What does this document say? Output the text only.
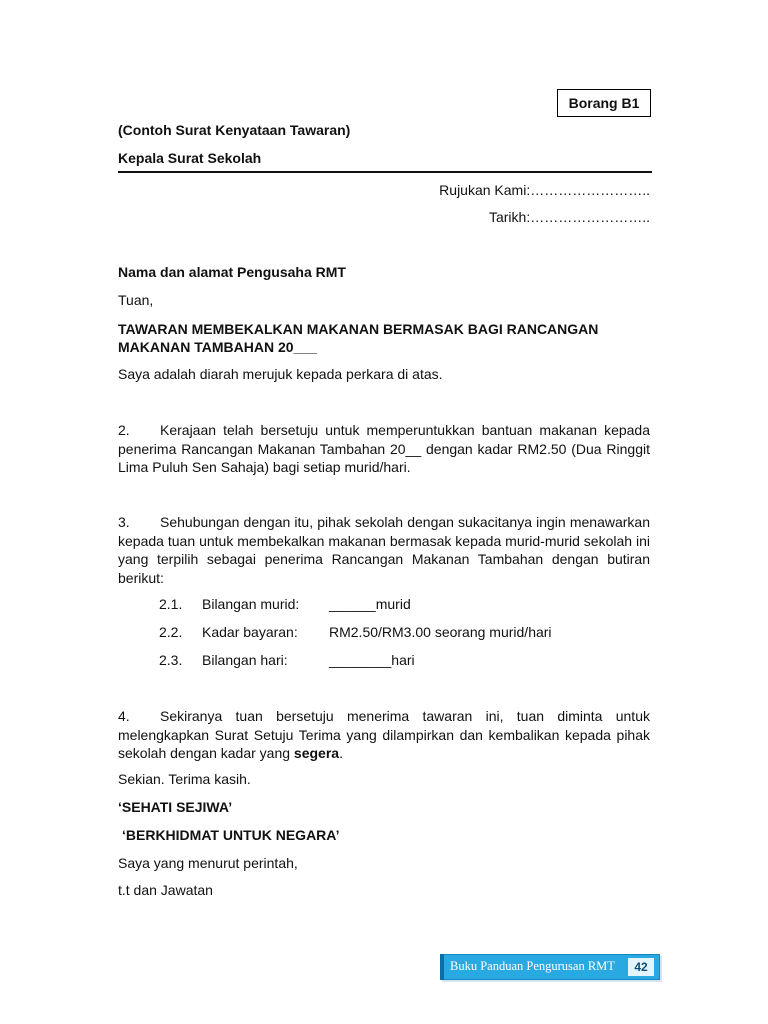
Borang B1
(Contoh Surat Kenyataan Tawaran)
Kepala Surat Sekolah
Rujukan Kami:……………………..
Tarikh:……………………..
Nama dan alamat Pengusaha RMT
Tuan,
TAWARAN MEMBEKALKAN MAKANAN BERMASAK BAGI RANCANGAN
MAKANAN TAMBAHAN 20___
Saya adalah diarah merujuk kepada perkara di atas.
2. Kerajaan telah bersetuju untuk memperuntukkan bantuan makanan kepada penerima Rancangan Makanan Tambahan 20__ dengan kadar RM2.50 (Dua Ringgit Lima Puluh Sen Sahaja) bagi setiap murid/hari.
3. Sehubungan dengan itu, pihak sekolah dengan sukacitanya ingin menawarkan kepada tuan untuk membekalkan makanan bermasak kepada murid-murid sekolah ini yang terpilih sebagai penerima Rancangan Makanan Tambahan dengan butiran berikut:
2.1. Bilangan murid: ______murid
2.2. Kadar bayaran: RM2.50/RM3.00 seorang murid/hari
2.3. Bilangan hari:	________hari
4. Sekiranya tuan bersetuju menerima tawaran ini, tuan diminta untuk melengkapkan Surat Setuju Terima yang dilampirkan dan kembalikan kepada pihak sekolah dengan kadar yang segera.
Sekian. Terima kasih.
‘SEHATI SEJIWA’
‘BERKHIDMAT UNTUK NEGARA’
Saya yang menurut perintah,
t.t dan Jawatan
Buku Panduan Pengurusan RMT	42
